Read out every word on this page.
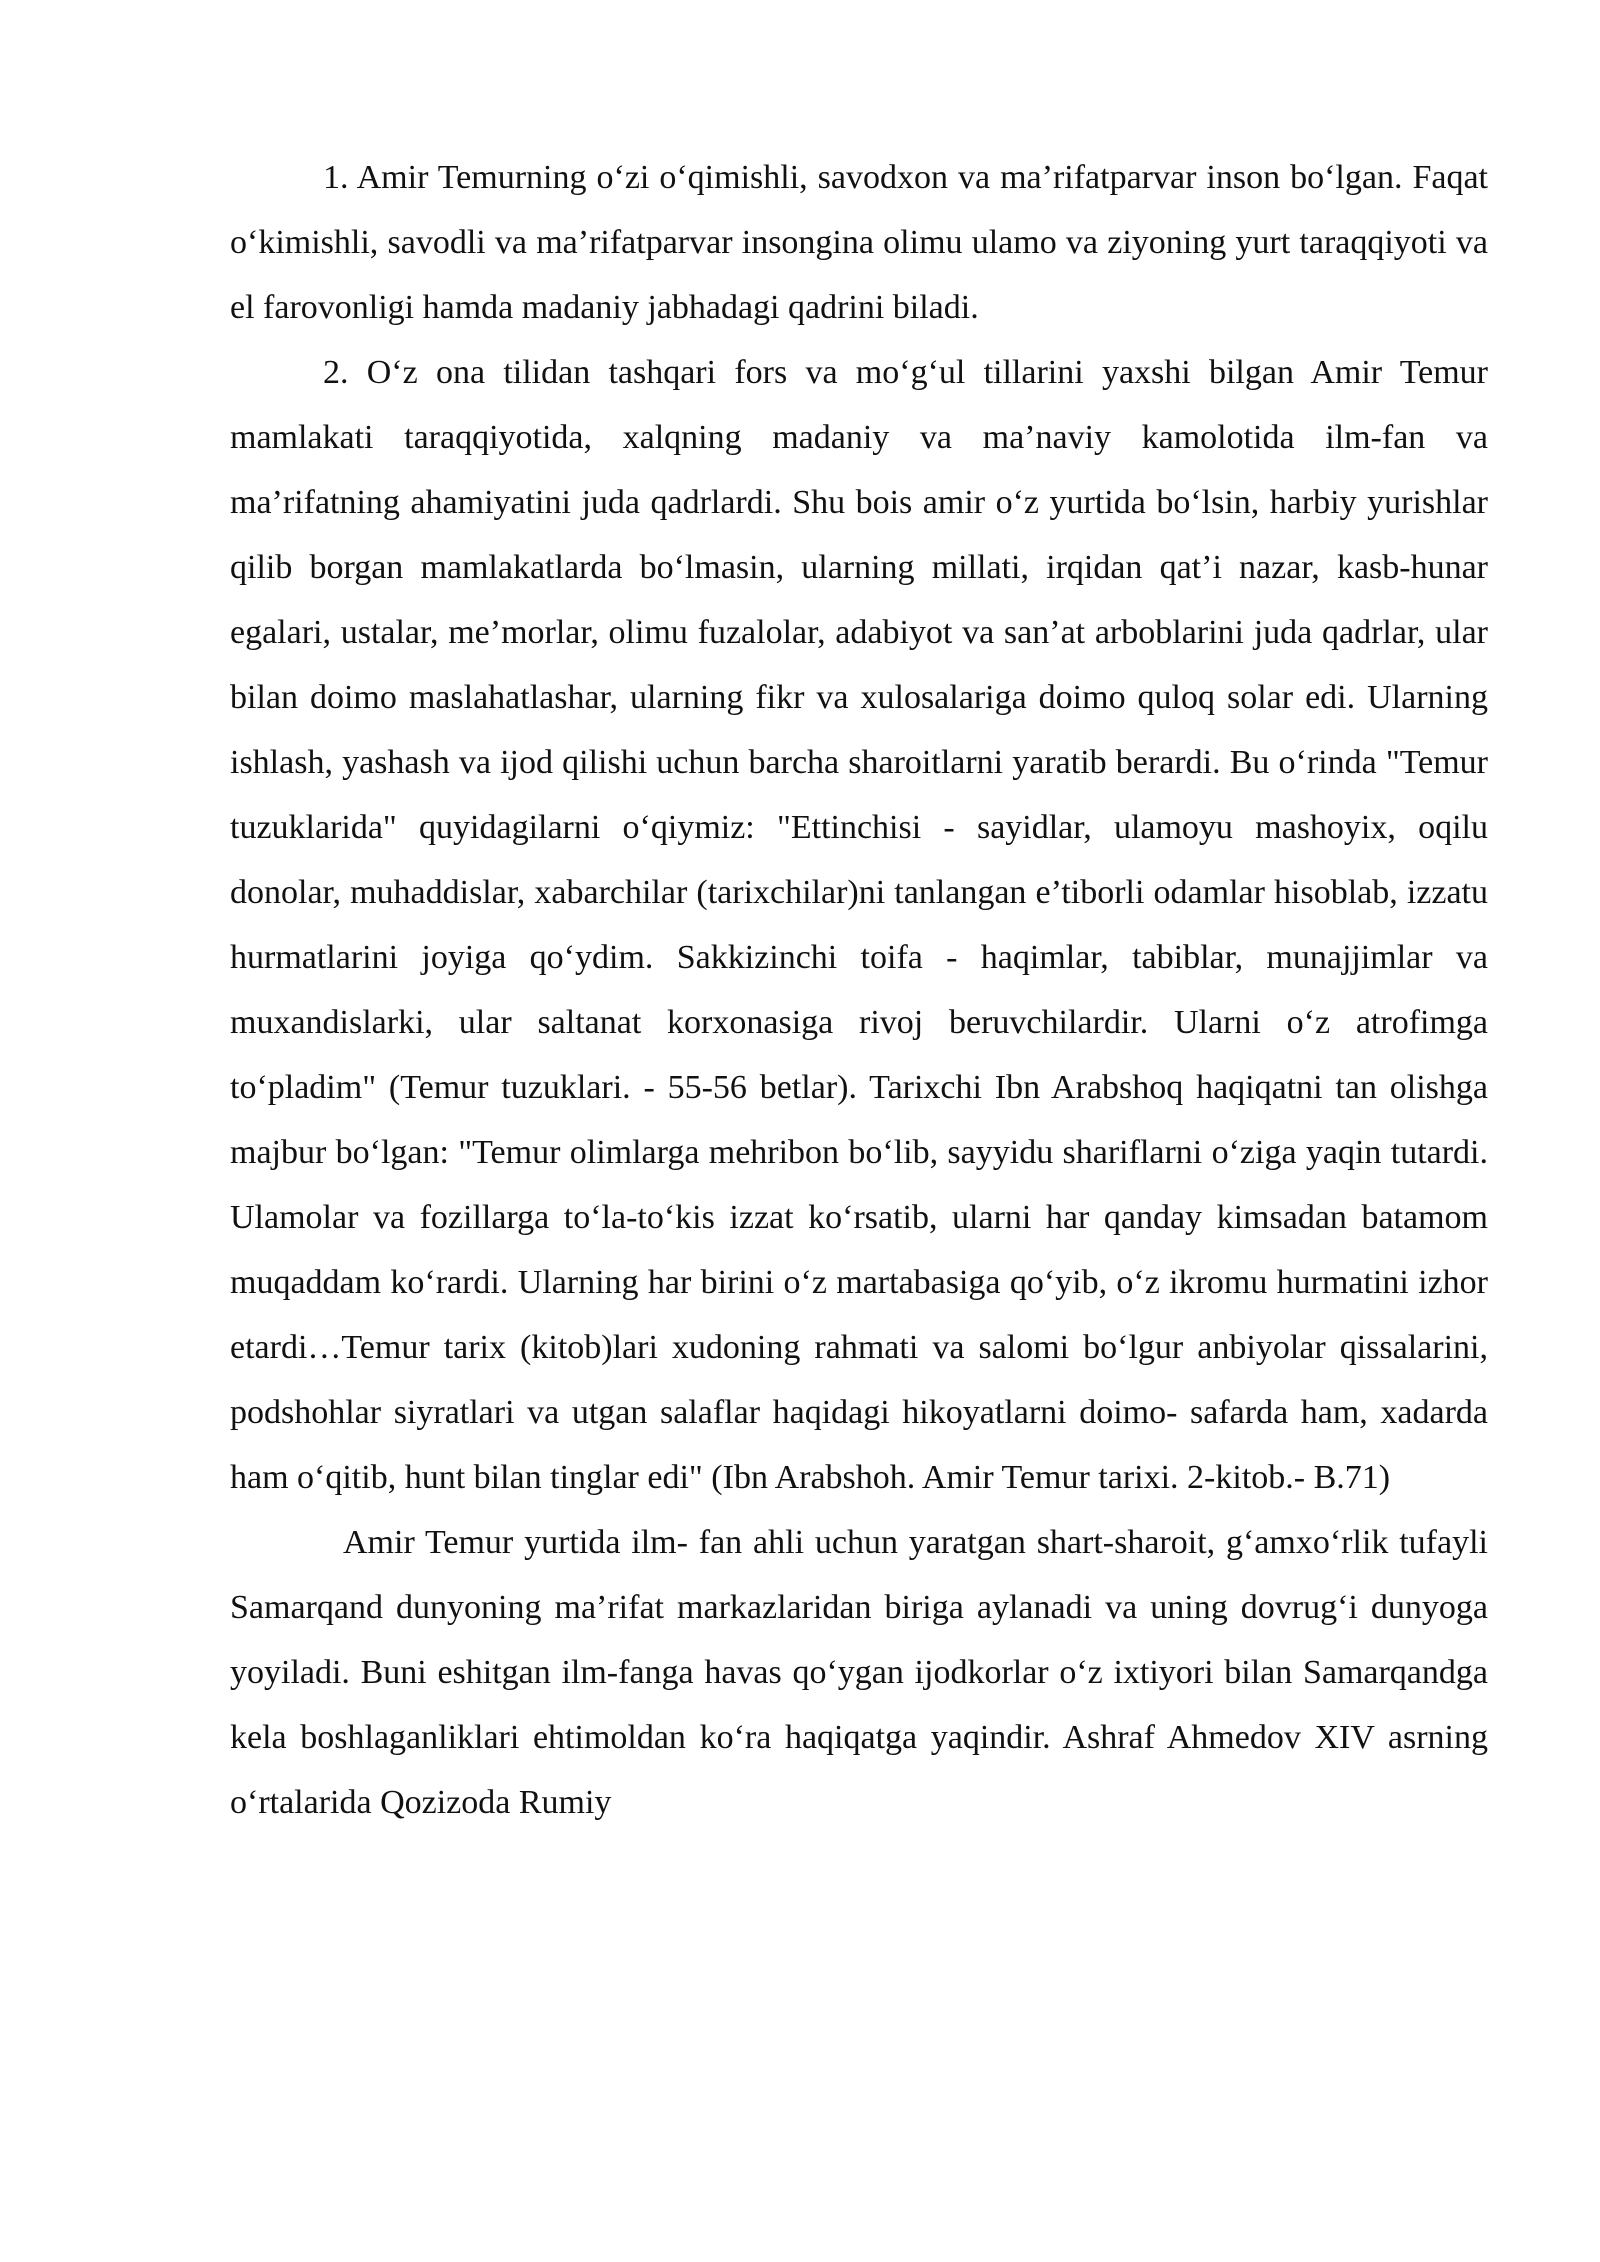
1. Amir Temurning o‘zi o‘qimishli, savodxon va ma’rifatparvar inson bo‘lgan. Faqat o‘kimishli, savodli va ma’rifatparvar insongina olimu ulamo va ziyoning yurt taraqqiyoti va el farovonligi hamda madaniy jabhadagi qadrini biladi.

2. O‘z ona tilidan tashqari fors va mo‘g‘ul tillarini yaxshi bilgan Amir Temur mamlakati taraqqiyotida, xalqning madaniy va ma’naviy kamolotida ilm-fan va ma’rifatning ahamiyatini juda qadrlardi. Shu bois amir o‘z yurtida bo‘lsin, harbiy yurishlar qilib borgan mamlakatlarda bo‘lmasin, ularning millati, irqidan qat’i nazar, kasb-hunar egalari, ustalar, me’morlar, olimu fuzalolar, adabiyot va san’at arboblarini juda qadrlar, ular bilan doimo maslahatlashar, ularning fikr va xulosalariga doimo quloq solar edi. Ularning ishlash, yashash va ijod qilishi uchun barcha sharoitlarni yaratib berardi. Bu o‘rinda "Temur tuzuklarida" quyidagilarni o‘qiymiz: "Ettinchisi - sayidlar, ulamoyu mashoyix, oqilu donolar, muhaddislar, xabarchilar (tarixchilar)ni tanlangan e’tiborli odamlar hisoblab, izzatu hurmatlarini joyiga qo‘ydim. Sakkizinchi toifa - haqimlar, tabiblar, munajjimlar va muxandislarki, ular saltanat korxonasiga rivoj beruvchilardir. Ularni o‘z atrofimga to‘pladim" (Temur tuzuklari. - 55-56 betlar). Tarixchi Ibn Arabshoq haqiqatni tan olishga majbur bo‘lgan: "Temur olimlarga mehribon bo‘lib, sayyidu shariflarni o‘ziga yaqin tutardi. Ulamolar va fozillarga to‘la-to‘kis izzat ko‘rsatib, ularni har qanday kimsadan batamom muqaddam ko‘rardi. Ularning har birini o‘z martabasiga qo‘yib, o‘z ikromu hurmatini izhor etardi…Temur tarix (kitob)lari xudoning rahmati va salomi bo‘lgur anbiyolar qissalarini, podshohlar siyratlari va utgan salaflar haqidagi hikoyatlarni doimo- safarda ham, xadarda ham o‘qitib, hunt bilan tinglar edi" (Ibn Arabshoh. Amir Temur tarixi. 2-kitob.- B.71)

Amir Temur yurtida ilm- fan ahli uchun yaratgan shart-sharoit, g‘amxo‘rlik tufayli Samarqand dunyoning ma’rifat markazlaridan biriga aylanadi va uning dovrug‘i dunyoga yoyiladi. Buni eshitgan ilm-fanga havas qo‘ygan ijodkorlar o‘z ixtiyori bilan Samarqandga kela boshlaganliklari ehtimoldan ko‘ra haqiqatga yaqindir. Ashraf Ahmedov XIV asrning o‘rtalarida Qozizoda Rumiy
